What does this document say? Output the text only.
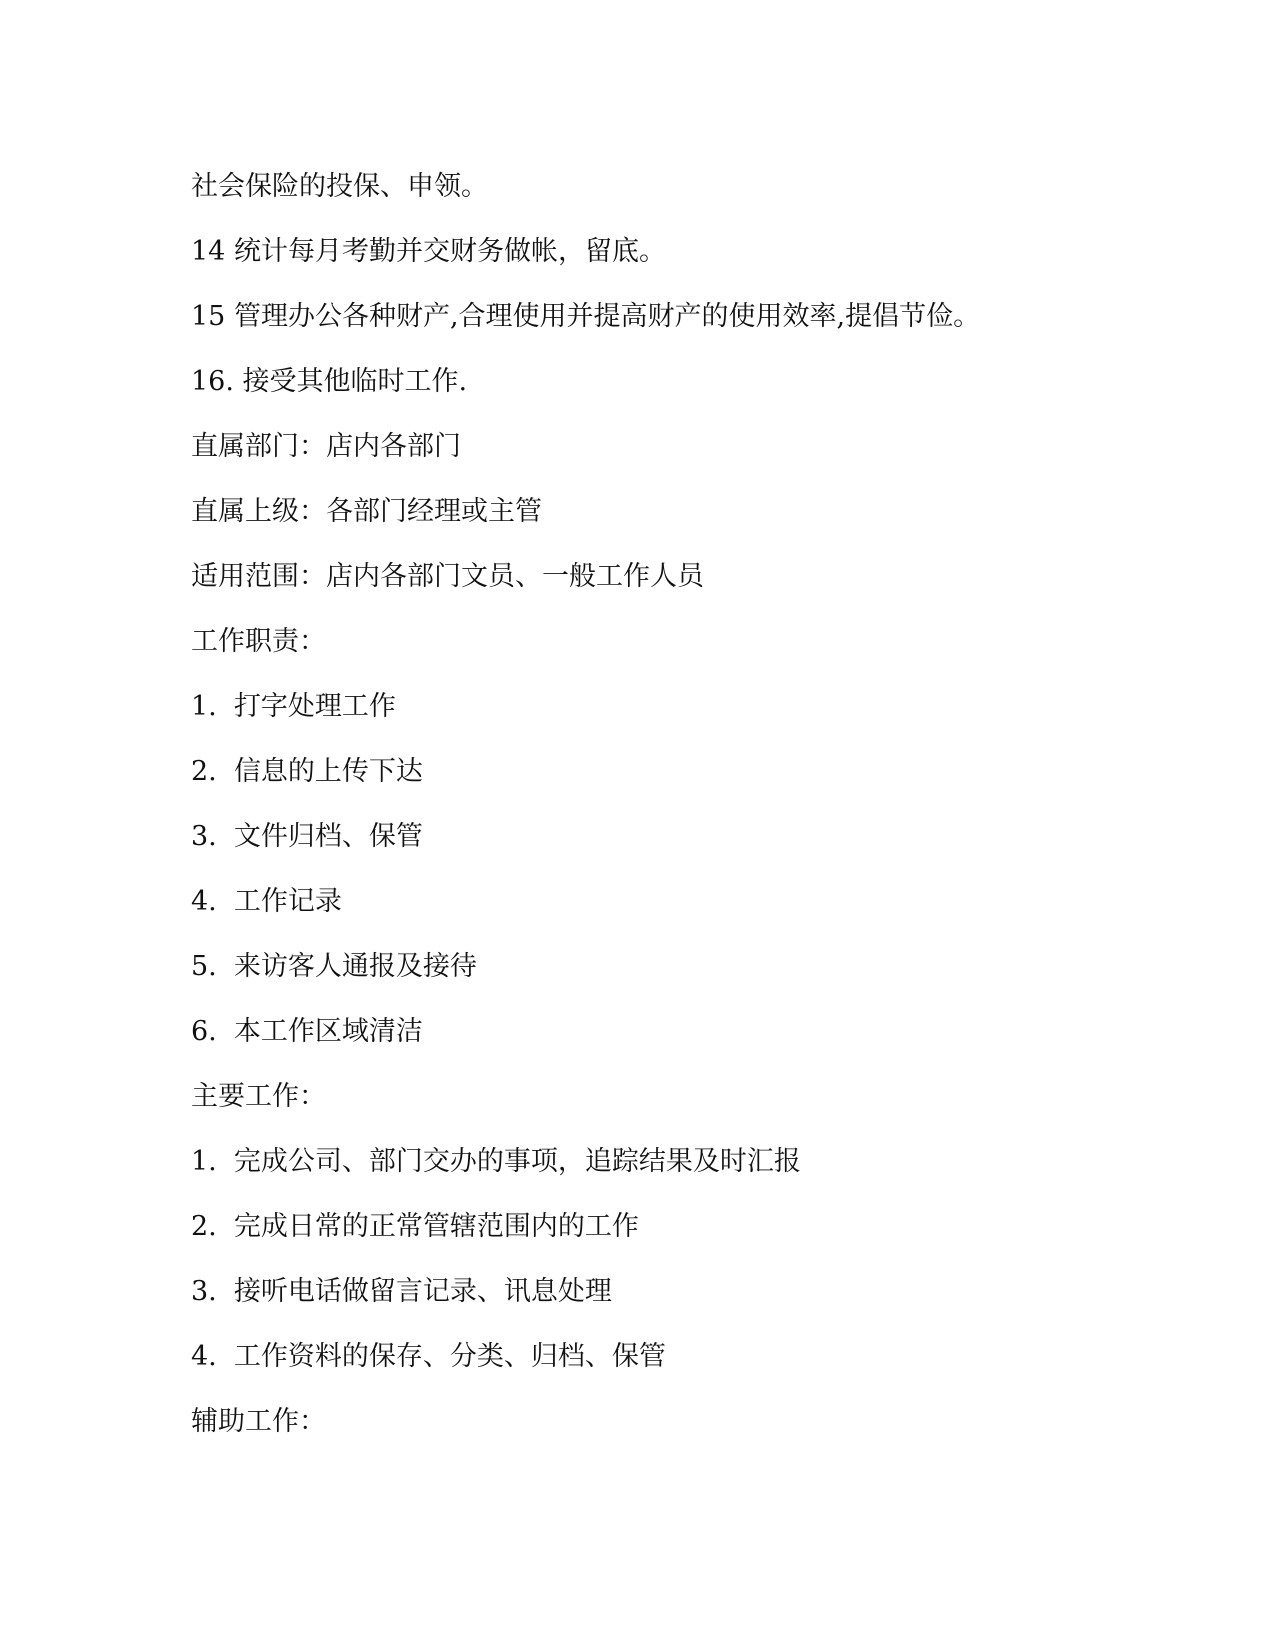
社会保险的投保、申领。

14 统计每月考勤并交财务做帐，留底。

15 管理办公各种财产,合理使用并提高财产的使用效率,提倡节俭。

16. 接受其他临时工作.

直属部门：店内各部门

直属上级：各部门经理或主管

适用范围：店内各部门文员、一般工作人员

工作职责：

1.  打字处理工作

2.  信息的上传下达

3.  文件归档、保管

4.  工作记录

5.  来访客人通报及接待

6.  本工作区域清洁

主要工作：

1.  完成公司、部门交办的事项，追踪结果及时汇报

2.  完成日常的正常管辖范围内的工作

3.  接听电话做留言记录、讯息处理

4.  工作资料的保存、分类、归档、保管

辅助工作：
